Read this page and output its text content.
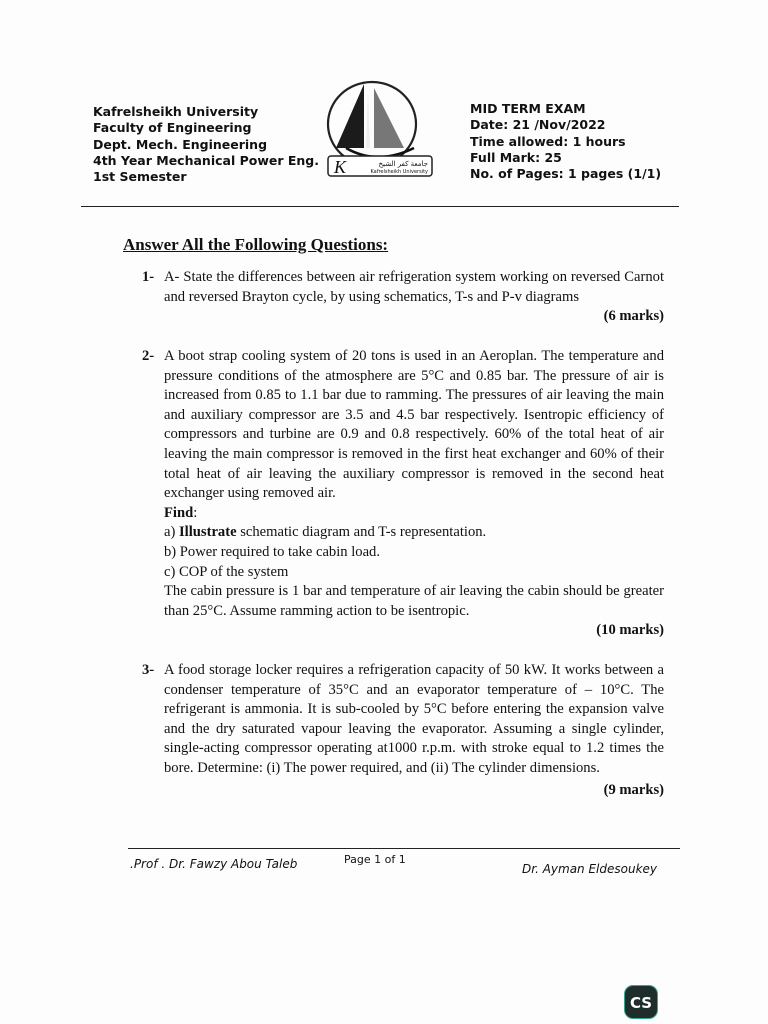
Kafrelsheikh University
Faculty of Engineering
Dept. Mech. Engineering
4th Year Mechanical Power Eng.
1st Semester	K	جامعة كفر الشيخ
Kafrelsheikh University
MID TERM EXAM
Date: 21 /Nov/2022
Time allowed: 1 hours
Full Mark: 25
No. of Pages: 1 pages (1/1)
Answer All the Following Questions:
1- A- State the differences between air refrigeration system working on reversed Carnot and reversed Brayton cycle, by using schematics, T-s and P-v diagrams
(6 marks)
2- A boot strap cooling system of 20 tons is used in an Aeroplan. The temperature and pressure conditions of the atmosphere are 5°C and 0.85 bar. The pressure of air is increased from 0.85 to 1.1 bar due to ramming. The pressures of air leaving the main and auxiliary compressor are 3.5 and 4.5 bar respectively. Isentropic efficiency of compressors and turbine are 0.9 and 0.8 respectively. 60% of the total heat of air leaving the main compressor is removed in the first heat exchanger and 60% of their total heat of air leaving the auxiliary compressor is removed in the second heat exchanger using removed air.
Find:
a) Illustrate schematic diagram and T-s representation.
b) Power required to take cabin load.
c) COP of the system
The cabin pressure is 1 bar and temperature of air leaving the cabin should be greater than 25°C. Assume ramming action to be isentropic.
(10 marks)
3- A food storage locker requires a refrigeration capacity of 50 kW. It works between a condenser temperature of 35°C and an evaporator temperature of – 10°C. The refrigerant is ammonia. It is sub-cooled by 5°C before entering the expansion valve and the dry saturated vapour leaving the evaporator. Assuming a single cylinder, single-acting compressor operating at1000 r.p.m. with stroke equal to 1.2 times the bore. Determine: (i) The power required, and (ii) The cylinder dimensions.
(9 marks)
.Prof . Dr. Fawzy Abou Taleb	Page 1 of 1
Dr. Ayman Eldesoukey
CS
